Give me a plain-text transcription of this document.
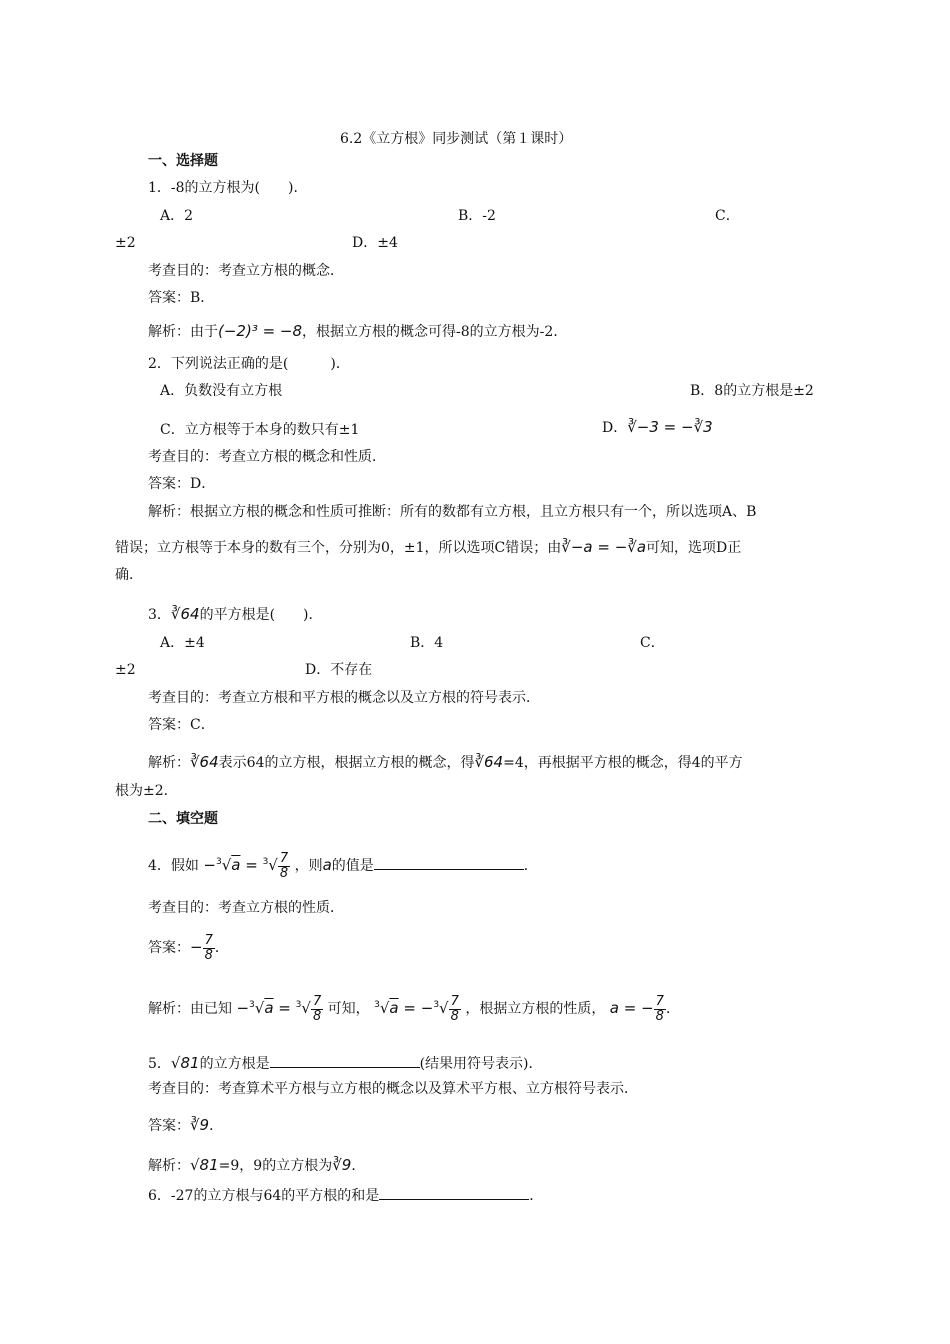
6.2《立方根》同步测试（第１课时）
一、选择题
1．-8的立方根为(　　)．
A．2	B．-2	C．
±2	D．±4
考查目的：考查立方根的概念．
答案：B．
解析：由于(−2)³ = −8，根据立方根的概念可得-8的立方根为-2．
2．下列说法正确的是(　　　)．
A．负数没有立方根	B．8的立方根是±2
C．立方根等于本身的数只有±1	D．∛−3 = −∛3
考查目的：考查立方根的概念和性质．
答案：D．
解析：根据立方根的概念和性质可推断：所有的数都有立方根，且立方根只有一个，所以选项A、B
错误；立方根等于本身的数有三个，分别为0，±1，所以选项C错误；由∛−a = −∛a可知，选项D正
确．
3．∛64的平方根是(　　)．
A．±4	B．4	C．
±2	D．不存在
考查目的：考查立方根和平方根的概念以及立方根的符号表示．
答案：C．
解析：∛64表示64的立方根，根据立方根的概念，得∛64=4，再根据平方根的概念，得4的平方
根为±2．
二、填空题
4．假如 $-^3√a = ^3√ \frac{7}{8}$ ，则a的值是	．
考查目的：考查立方根的性质．
答案：− $\frac{7}{8}$ ．
解析：由已知 $-^3√a = ^3√ \frac{7}{8}$ 可知， $^3√a = -^3√ \frac{7}{8}$ ，根据立方根的性质， a = − $\frac{7}{8}$ ．
5．√81的立方根是	(结果用符号表示)．
考查目的：考查算术平方根与立方根的概念以及算术平方根、立方根符号表示．
答案：∛9．
解析：√81=9，9的立方根为∛9．
6．-27的立方根与64的平方根的和是	．
